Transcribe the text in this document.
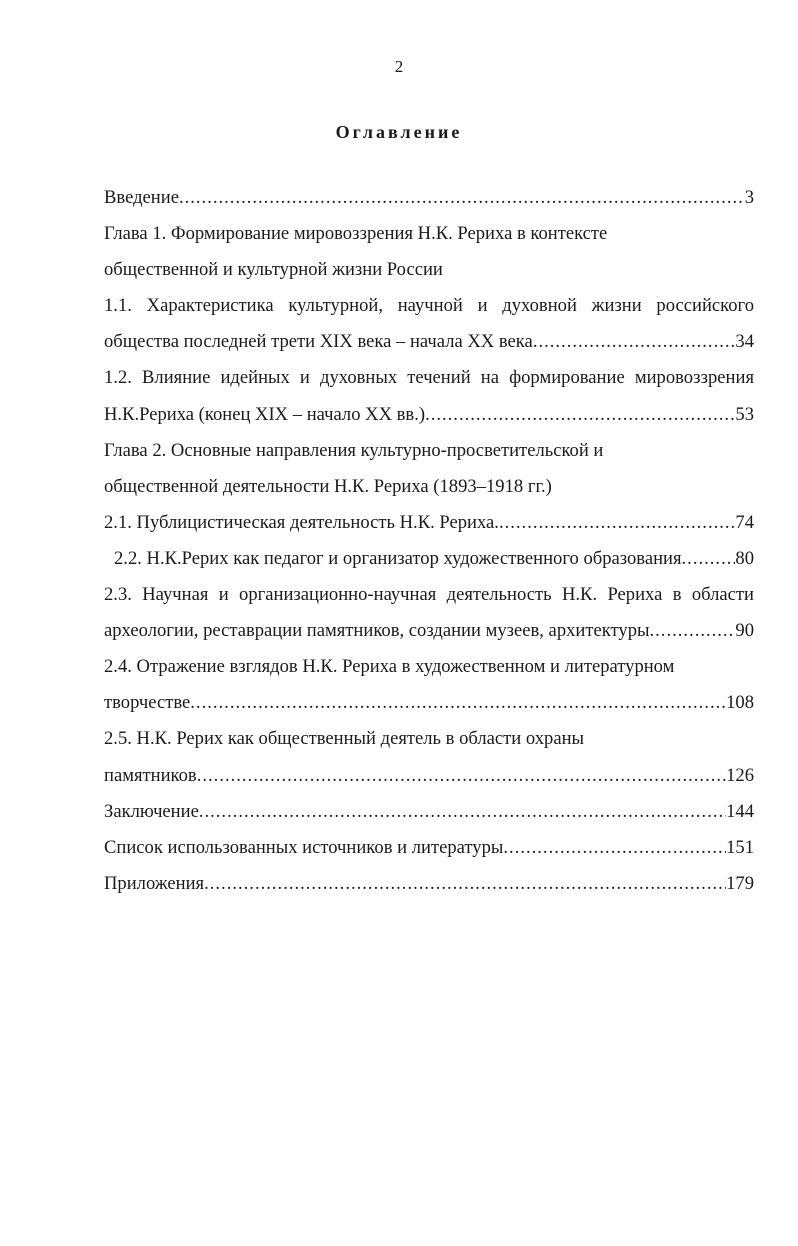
2
Оглавление
Введение .....	3
Глава 1. Формирование мировоззрения Н.К. Рериха в контексте
общественной и культурной жизни России
1.1. Характеристика культурной, научной и духовной жизни российского
общества последней трети XIX века – начала XX века .....	34
1.2. Влияние идейных и духовных течений на формирование мировоззрения
Н.К.Рериха (конец XIX – начало XX вв.) .....	53
Глава 2. Основные направления культурно-просветительской и
общественной деятельности Н.К. Рериха (1893–1918 гг.)
2.1. Публицистическая деятельность Н.К. Рериха. .....	74
2.2. Н.К.Рерих как педагог и организатор художественного образования .....	80
2.3. Научная и организационно-научная деятельность Н.К. Рериха в области
археологии, реставрации памятников, создании музеев, архитектуры .....	90
2.4. Отражение взглядов Н.К. Рериха в художественном и литературном
творчестве .....	108
2.5. Н.К. Рерих как общественный деятель в области охраны
памятников .....	126
Заключение .....	144
Список использованных источников и литературы .....	151
Приложения .....	179
